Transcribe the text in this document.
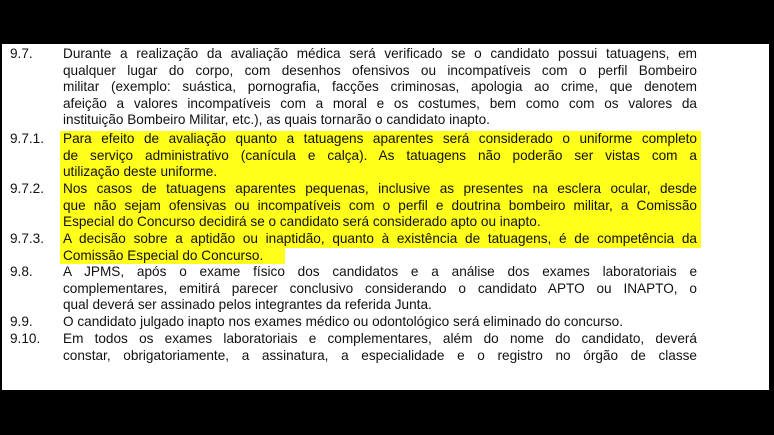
9.7.	Durante a realização da avaliação médica será verificado se o candidato possui tatuagens, em
qualquer lugar do corpo, com desenhos ofensivos ou incompatíveis com o perfil Bombeiro
militar (exemplo: suástica, pornografia, facções criminosas, apologia ao crime, que denotem
afeição a valores incompatíveis com a moral e os costumes, bem como com os valores da
instituição Bombeiro Militar, etc.), as quais tornarão o candidato inapto.
9.7.1.	Para efeito de avaliação quanto a tatuagens aparentes será considerado o uniforme completo
de serviço administrativo (canícula e calça). As tatuagens não poderão ser vistas com a
utilização deste uniforme.
9.7.2.	Nos casos de tatuagens aparentes pequenas, inclusive as presentes na esclera ocular, desde
que não sejam ofensivas ou incompatíveis com o perfil e doutrina bombeiro militar, a Comissão
Especial do Concurso decidirá se o candidato será considerado apto ou inapto.
9.7.3.	A decisão sobre a aptidão ou inaptidão, quanto à existência de tatuagens, é de competência da
Comissão Especial do Concurso.
9.8.	A JPMS, após o exame físico dos candidatos e a análise dos exames laboratoriais e
complementares, emitirá parecer conclusivo considerando o candidato APTO ou INAPTO, o
qual deverá ser assinado pelos integrantes da referida Junta.
9.9.	O candidato julgado inapto nos exames médico ou odontológico será eliminado do concurso.
9.10.	Em todos os exames laboratoriais e complementares, além do nome do candidato, deverá
constar, obrigatoriamente, a assinatura, a especialidade e o registro no órgão de classe
